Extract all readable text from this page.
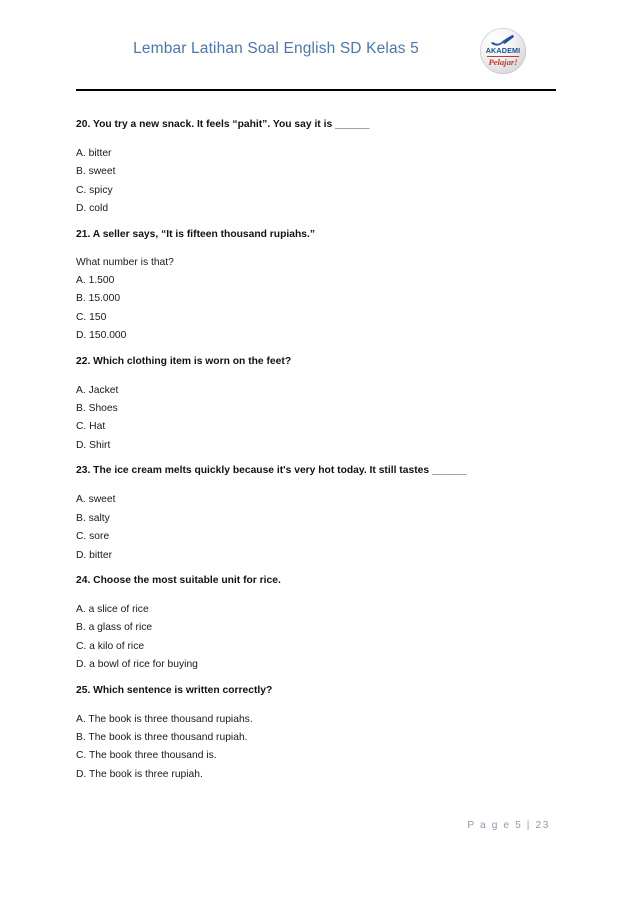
Lembar Latihan Soal English SD Kelas 5	AKADEMI
Pelajar!
20. You try a new snack. It feels “pahit”. You say it is ______
A. bitter
B. sweet
C. spicy
D. cold
21. A seller says, “It is fifteen thousand rupiahs.”
What number is that?
A. 1.500
B. 15.000
C. 150
D. 150.000
22. Which clothing item is worn on the feet?
A. Jacket
B. Shoes
C. Hat
D. Shirt
23. The ice cream melts quickly because it's very hot today. It still tastes ______
A. sweet
B. salty
C. sore
D. bitter
24. Choose the most suitable unit for rice.
A. a slice of rice
B. a glass of rice
C. a kilo of rice
D. a bowl of rice for buying
25. Which sentence is written correctly?
A. The book is three thousand rupiahs.
B. The book is three thousand rupiah.
C. The book three thousand is.
D. The book is three rupiah.
P a g e 5 | 23
